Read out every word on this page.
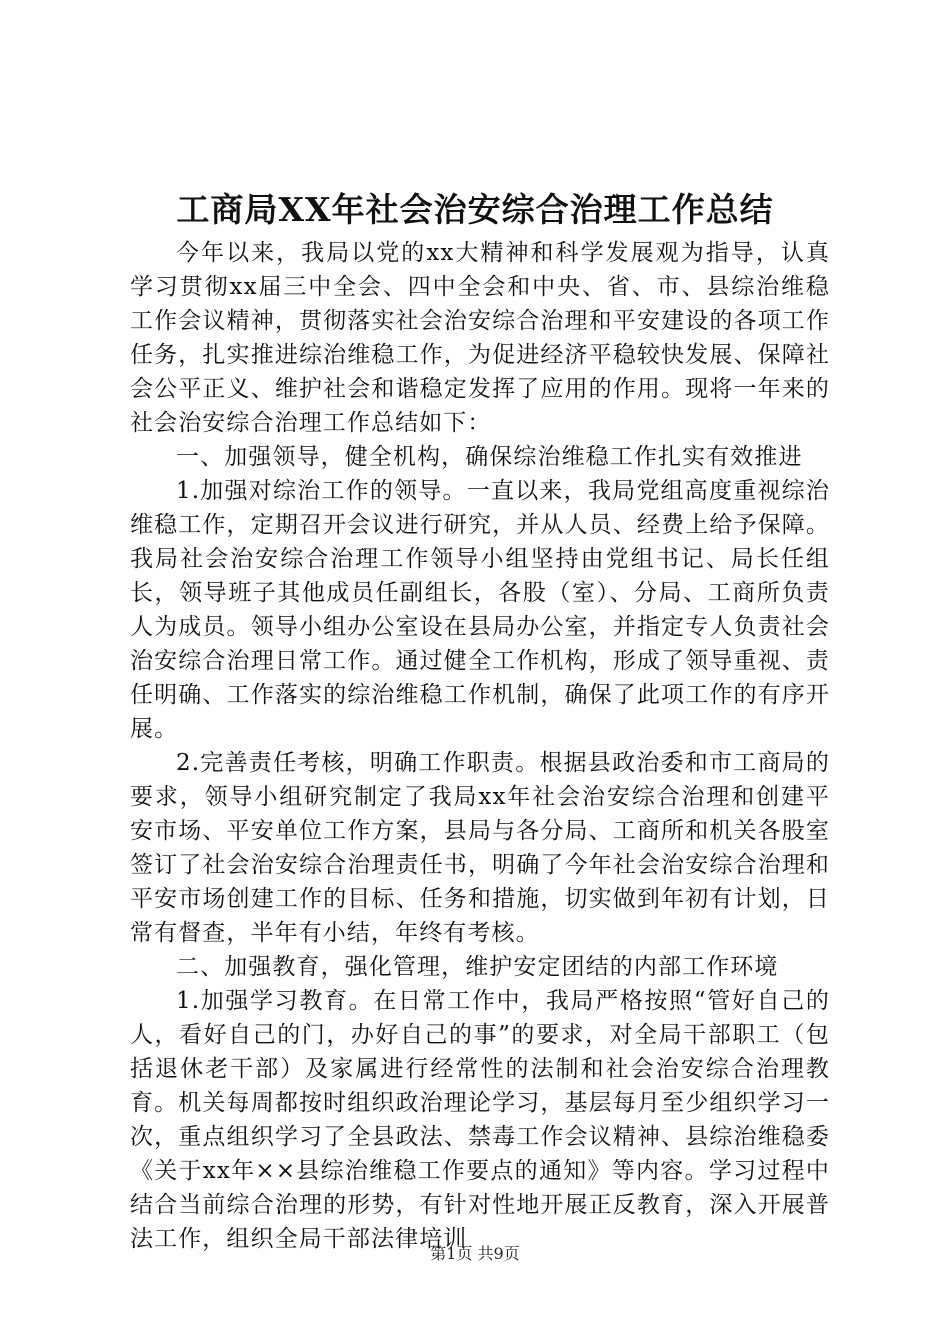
工商局XX年社会治安综合治理工作总结

今年以来，我局以党的xx大精神和科学发展观为指导，认真学习贯彻xx届三中全会、四中全会和中央、省、市、县综治维稳工作会议精神，贯彻落实社会治安综合治理和平安建设的各项工作任务，扎实推进综治维稳工作，为促进经济平稳较快发展、保障社会公平正义、维护社会和谐稳定发挥了应用的作用。现将一年来的社会治安综合治理工作总结如下：

一、加强领导，健全机构，确保综治维稳工作扎实有效推进

1.加强对综治工作的领导。一直以来，我局党组高度重视综治维稳工作，定期召开会议进行研究，并从人员、经费上给予保障。我局社会治安综合治理工作领导小组坚持由党组书记、局长任组长，领导班子其他成员任副组长，各股（室）、分局、工商所负责人为成员。领导小组办公室设在县局办公室，并指定专人负责社会治安综合治理日常工作。通过健全工作机构，形成了领导重视、责任明确、工作落实的综治维稳工作机制，确保了此项工作的有序开展。

2.完善责任考核，明确工作职责。根据县政治委和市工商局的要求，领导小组研究制定了我局xx年社会治安综合治理和创建平安市场、平安单位工作方案，县局与各分局、工商所和机关各股室签订了社会治安综合治理责任书，明确了今年社会治安综合治理和平安市场创建工作的目标、任务和措施，切实做到年初有计划，日常有督查，半年有小结，年终有考核。

二、加强教育，强化管理，维护安定团结的内部工作环境

1.加强学习教育。在日常工作中，我局严格按照“管好自己的人，看好自己的门，办好自己的事”的要求，对全局干部职工（包括退休老干部）及家属进行经常性的法制和社会治安综合治理教育。机关每周都按时组织政治理论学习，基层每月至少组织学习一次，重点组织学习了全县政法、禁毒工作会议精神、县综治维稳委《关于xx年××县综治维稳工作要点的通知》等内容。学习过程中结合当前综合治理的形势，有针对性地开展正反教育，深入开展普法工作，组织全局干部法律培训

第1页 共9页
